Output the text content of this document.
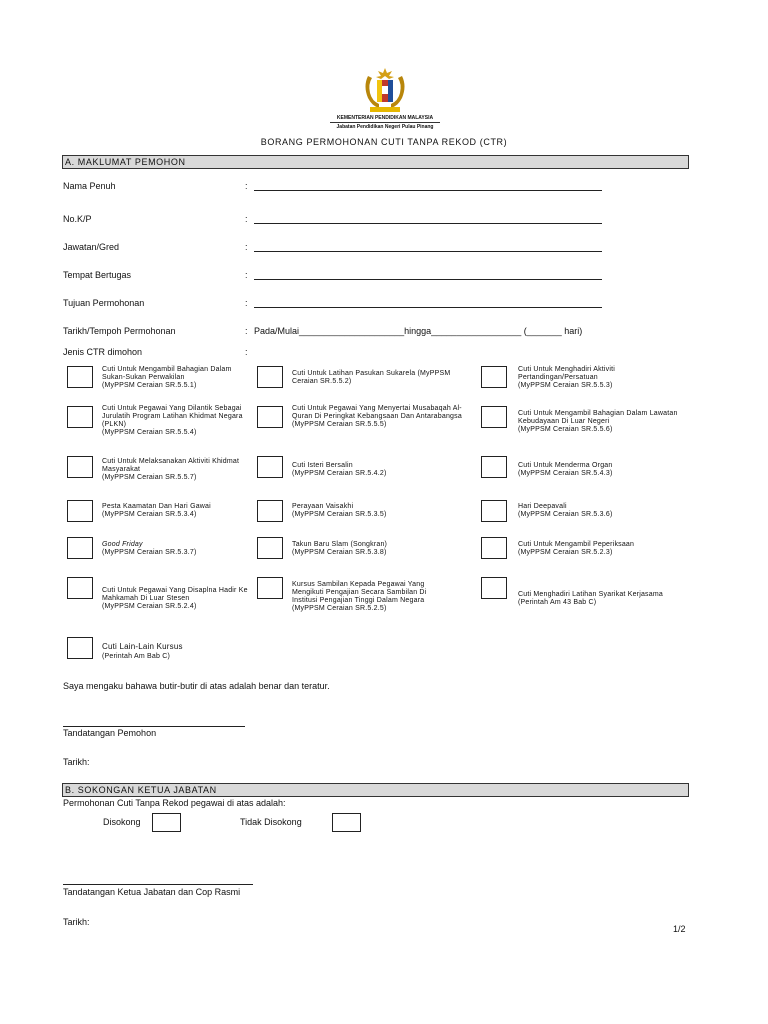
KEMENTERIAN PENDIDIKAN MALAYSIA
Jabatan Pendidikan Negeri Pulau Pinang
BORANG PERMOHONAN CUTI TANPA REKOD (CTR)
A. MAKLUMAT PEMOHON
Nama Penuh	:
No.K/P	:
Jawatan/Gred	:
Tempat Bertugas	:
Tujuan Permohonan	:
Tarikh/Tempoh Permohonan	: Pada/Mulai_____________________hingga__________________ (_______ hari)
Jenis CTR dimohon	:
Cuti Untuk Mengambil Bahagian Dalam Sukan-Sukan Perwakilan
(MyPPSM Ceraian SR.5.5.1)
Cuti Untuk Latihan Pasukan Sukarela (MyPPSM Ceraian SR.5.5.2)
Cuti Untuk Menghadiri Aktiviti Pertandingan/Persatuan
(MyPPSM Ceraian SR.5.5.3)
Cuti Untuk Pegawai Yang Dilantik Sebagai Jurulatih Program Latihan Khidmat Negara (PLKN)
(MyPPSM Ceraian SR.5.5.4)
Cuti Untuk Pegawai Yang Menyertai Musabaqah Al-Quran Di Peringkat Kebangsaan Dan Antarabangsa
(MyPPSM Ceraian SR.5.5.5)
Cuti Untuk Mengambil Bahagian Dalam Lawatan Kebudayaan Di Luar Negeri
(MyPPSM Ceraian SR.5.5.6)
Cuti Untuk Melaksanakan Aktiviti Khidmat Masyarakat
(MyPPSM Ceraian SR.5.5.7)
Cuti Isteri Bersalin
(MyPPSM Ceraian SR.5.4.2)
Cuti Untuk Menderma Organ
(MyPPSM Ceraian SR.5.4.3)
Pesta Kaamatan Dan Hari Gawai
(MyPPSM Ceraian SR.5.3.4)
Perayaan Vaisakhi
(MyPPSM Ceraian SR.5.3.5)
Hari Deepavali
(MyPPSM Ceraian SR.5.3.6)
Good Friday
(MyPPSM Ceraian SR.5.3.7)
Takun Baru Slam (Songkran)
(MyPPSM Ceraian SR.5.3.8)
Cuti Untuk Mengambil Peperiksaan
(MyPPSM Ceraian SR.5.2.3)
Cuti Untuk Pegawai Yang Disaplna Hadir Ke Mahkamah Di Luar Stesen
(MyPPSM Ceraian SR.5.2.4)
Kursus Sambilan Kepada Pegawai Yang Mengikuti Pengajian Secara Sambilan Di Institusi Pengajian Tinggi Dalam Negara
(MyPPSM Ceraian SR.5.2.5)
Cuti Menghadiri Latihan Syarikat Kerjasama
(Perintah Am 43 Bab C)
Cuti Lain-Lain Kursus
(Perintah Am Bab C)
Saya mengaku bahawa butir-butir di atas adalah benar dan teratur.
Tandatangan Pemohon
Tarikh:
B. SOKONGAN KETUA JABATAN
Permohonan Cuti Tanpa Rekod pegawai di atas adalah:
Disokong	Tidak Disokong
Tandatangan Ketua Jabatan dan Cop Rasmi
Tarikh:
1/2
